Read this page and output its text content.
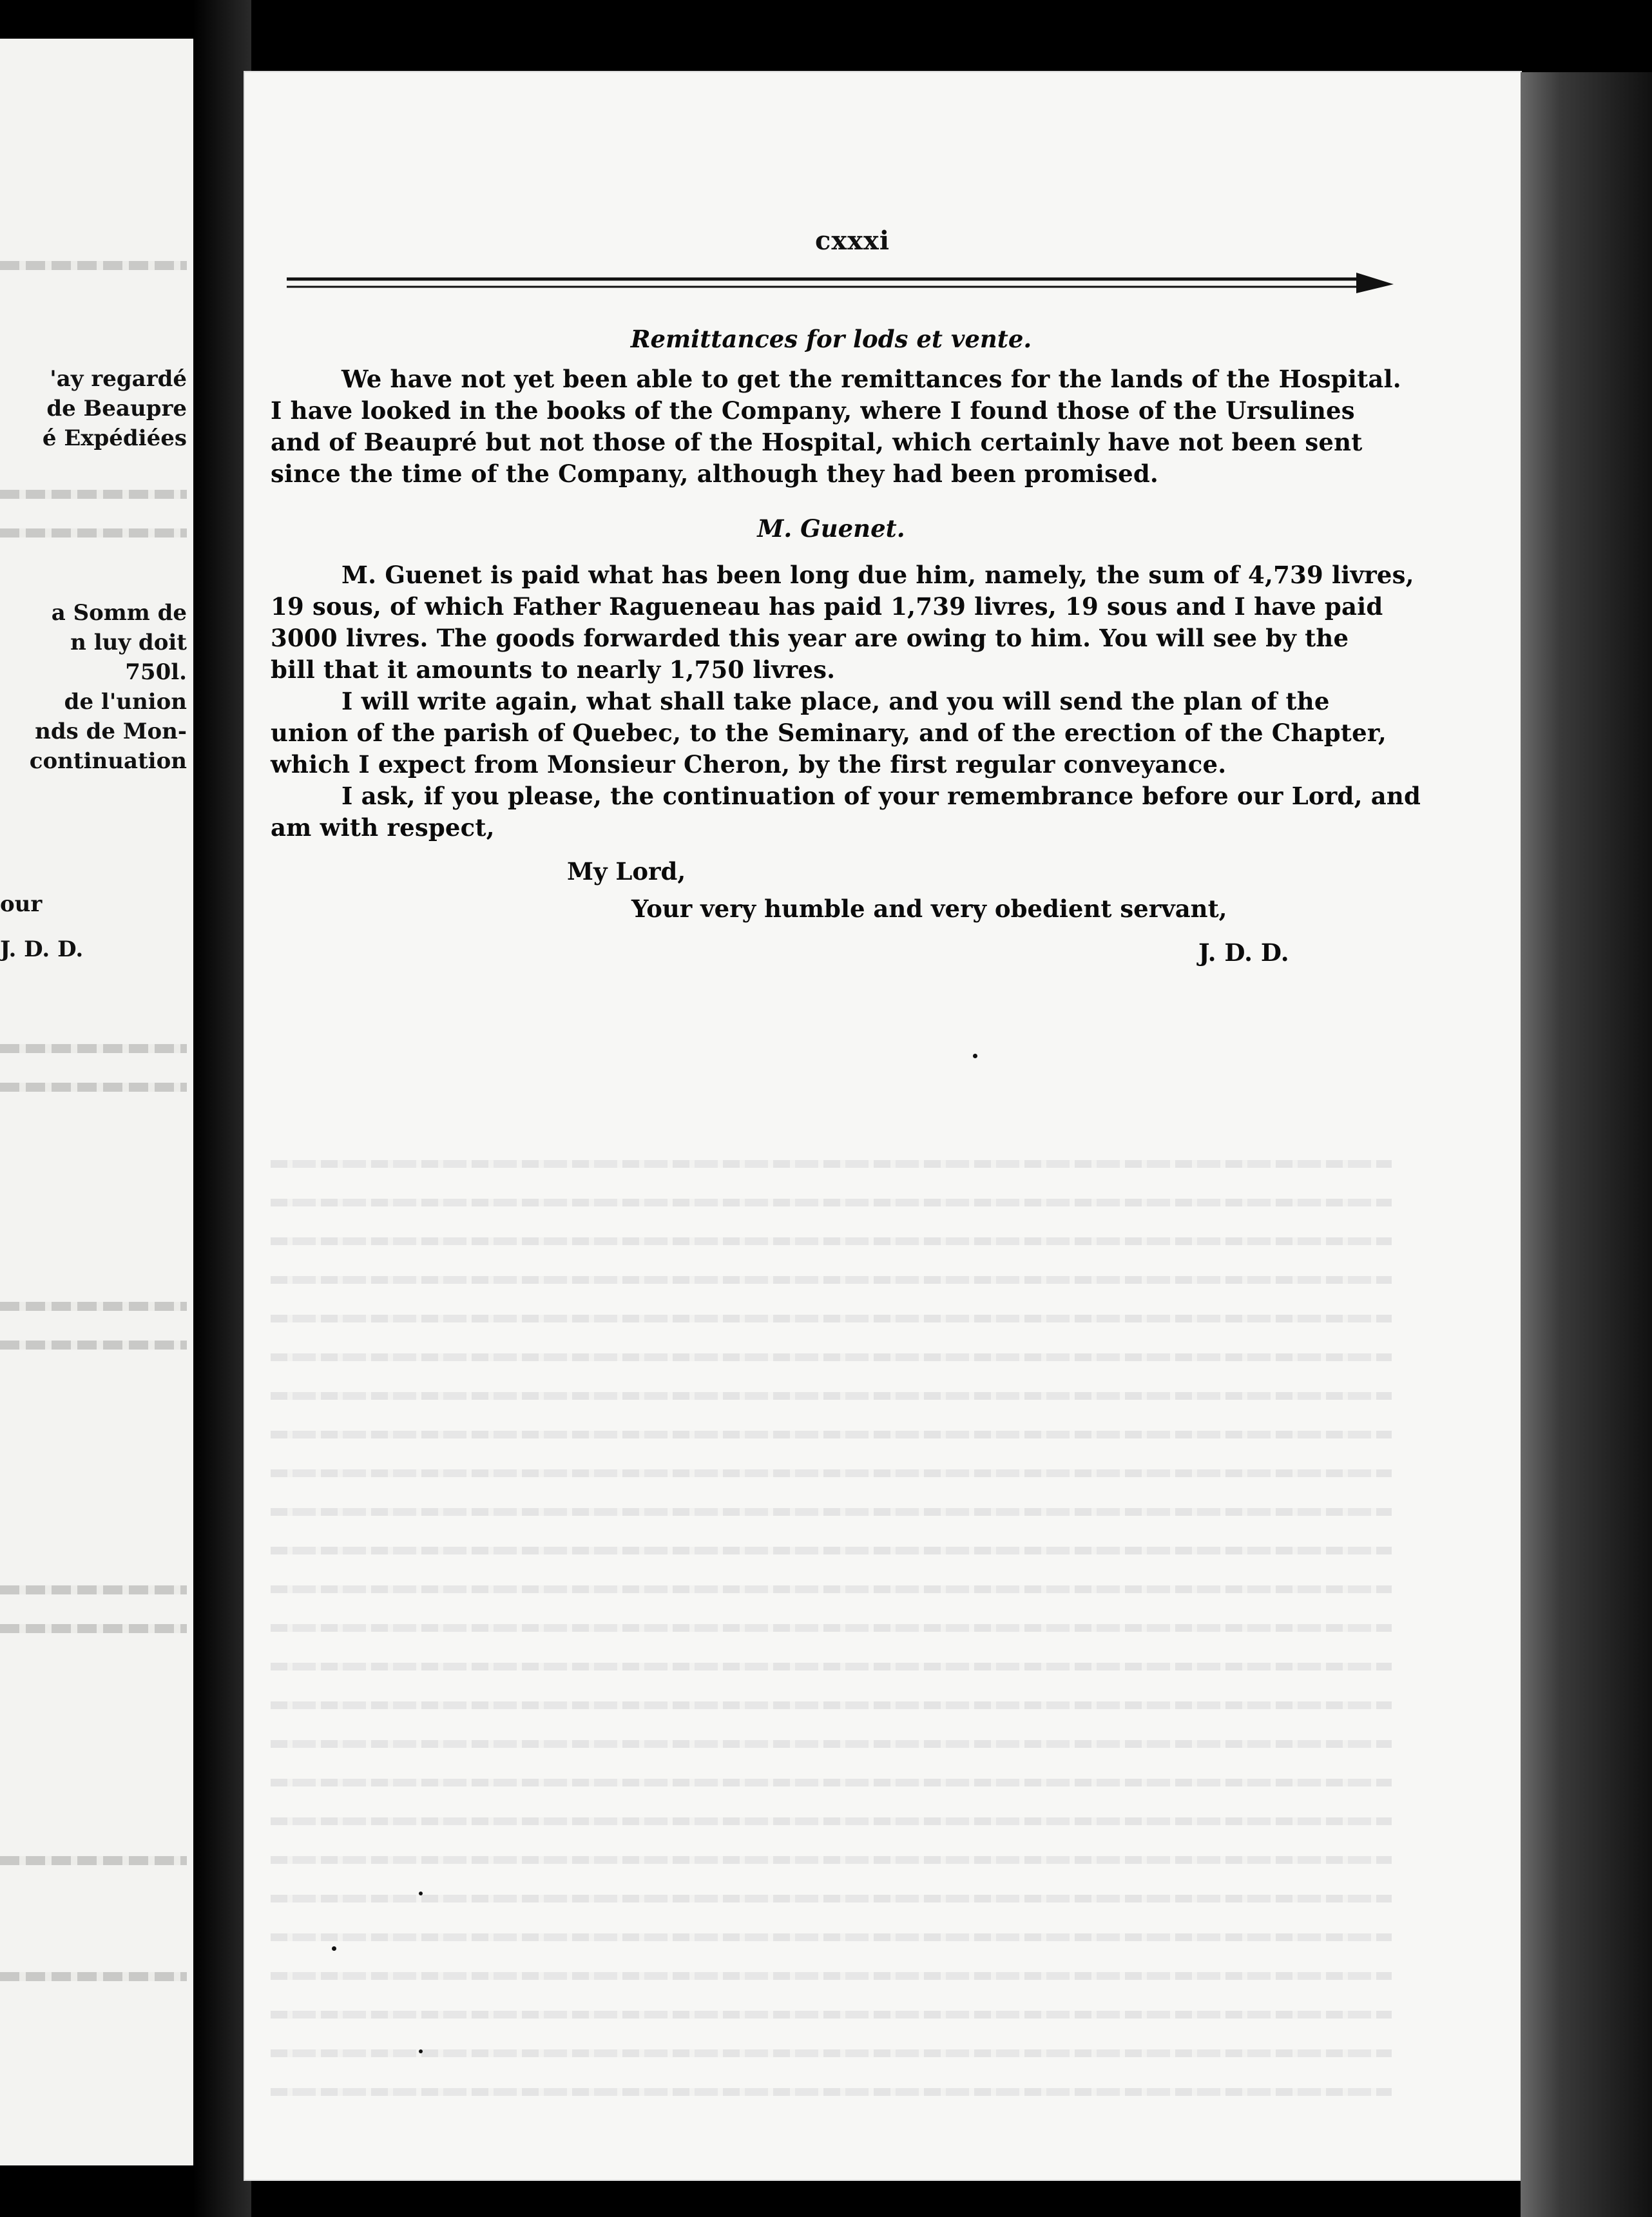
'ay regardé
de Beaupre
é Expédiées
a Somm de
n luy doit
750l.
de l'union
nds de Mon-
continuation
our
J. D. D.
cxxxi
Remittances for lods et vente.
We have not yet been able to get the remittances for the lands of the Hospital.
I have looked in the books of the Company, where I found those of the Ursulines
and of Beaupré but not those of the Hospital, which certainly have not been sent
since the time of the Company, although they had been promised.
M. Guenet.
M. Guenet is paid what has been long due him, namely, the sum of 4,739 livres,
19 sous, of which Father Ragueneau has paid 1,739 livres, 19 sous and I have paid
3000 livres. The goods forwarded this year are owing to him. You will see by the
bill that it amounts to nearly 1,750 livres.
I will write again, what shall take place, and you will send the plan of the
union of the parish of Quebec, to the Seminary, and of the erection of the Chapter,
which I expect from Monsieur Cheron, by the first regular conveyance.
I ask, if you please, the continuation of your remembrance before our Lord, and
am with respect,
My Lord,
Your very humble and very obedient servant,
J. D. D.
